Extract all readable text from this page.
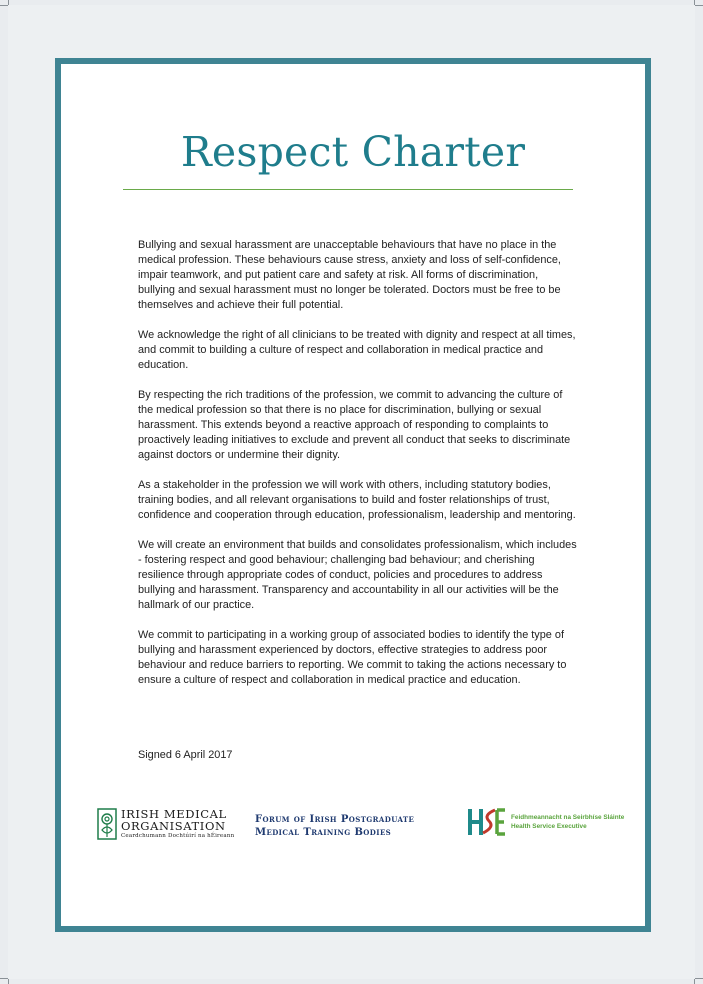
Respect Charter

Bullying and sexual harassment are unacceptable behaviours that have no place in the medical profession. These behaviours cause stress, anxiety and loss of self-confidence, impair teamwork, and put patient care and safety at risk. All forms of discrimination, bullying and sexual harassment must no longer be tolerated. Doctors must be free to be themselves and achieve their full potential.

We acknowledge the right of all clinicians to be treated with dignity and respect at all times, and commit to building a culture of respect and collaboration in medical practice and education.

By respecting the rich traditions of the profession, we commit to advancing the culture of the medical profession so that there is no place for discrimination, bullying or sexual harassment. This extends beyond a reactive approach of responding to complaints to proactively leading initiatives to exclude and prevent all conduct that seeks to discriminate against doctors or undermine their dignity.

As a stakeholder in the profession we will work with others, including statutory bodies, training bodies, and all relevant organisations to build and foster relationships of trust, confidence and cooperation through education, professionalism, leadership and mentoring.

We will create an environment that builds and consolidates professionalism, which includes - fostering respect and good behaviour; challenging bad behaviour; and cherishing resilience through appropriate codes of conduct, policies and procedures to address bullying and harassment. Transparency and accountability in all our activities will be the hallmark of our practice.

We commit to participating in a working group of associated bodies to identify the type of bullying and harassment experienced by doctors, effective strategies to address poor behaviour and reduce barriers to reporting. We commit to taking the actions necessary to ensure a culture of respect and collaboration in medical practice and education.

Signed 6 April 2017
IRISH MEDICAL
ORGANISATION
Ceardchumann Dochtúirí na hÉireann
Forum of Irish Postgraduate
Medical Training Bodies
Feidhmeannacht na Seirbhíse Sláinte
Health Service Executive
